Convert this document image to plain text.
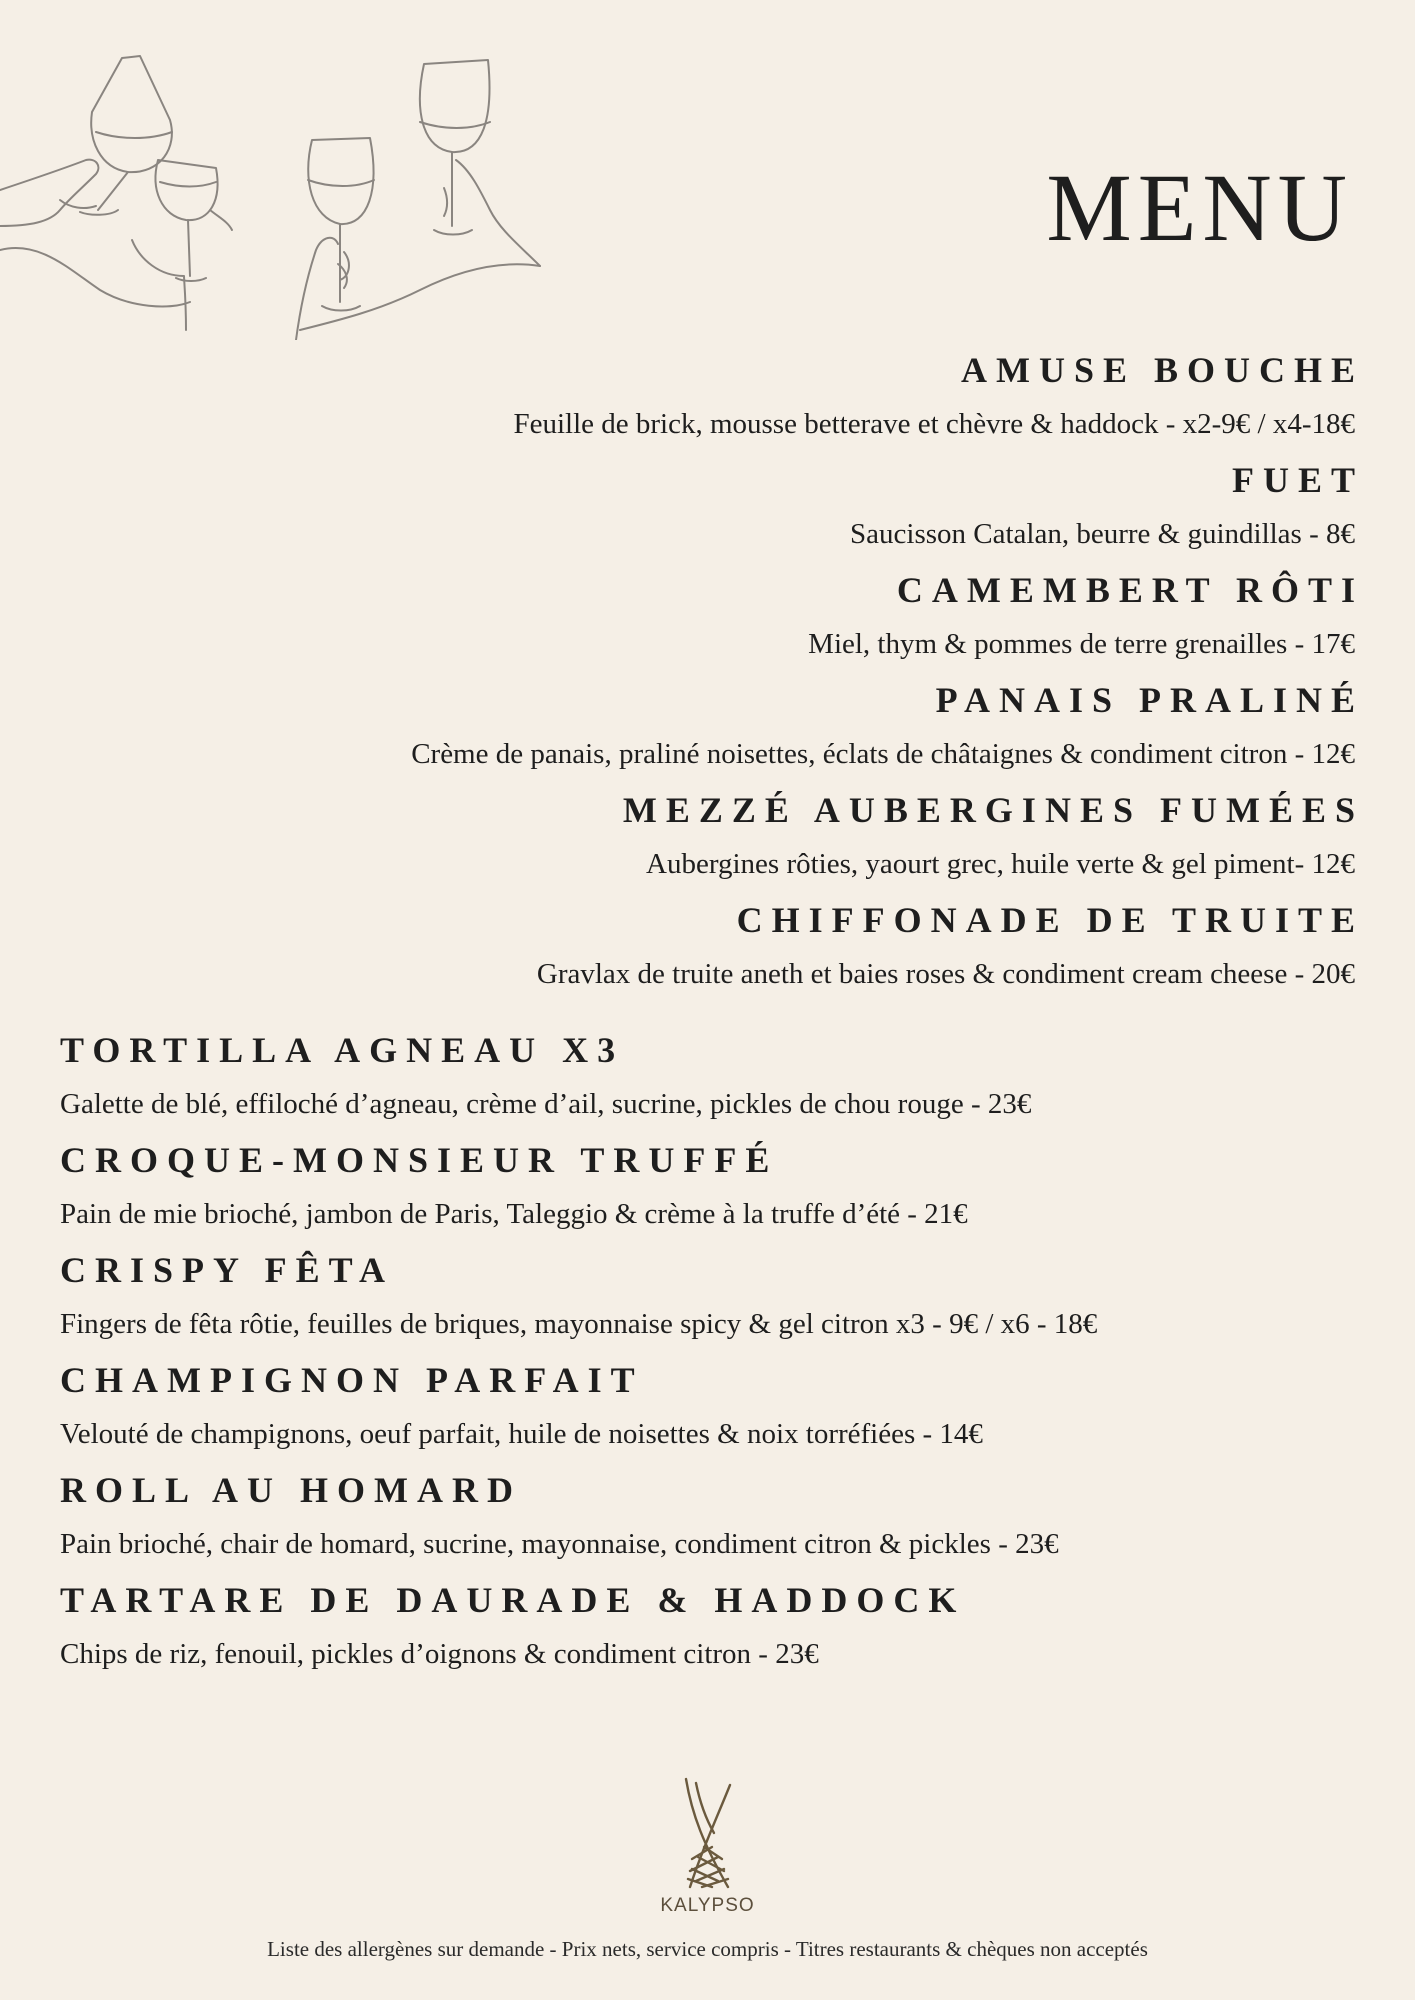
MENU
AMUSE BOUCHE
Feuille de brick, mousse betterave et chèvre & haddock - x2-9€ / x4-18€
FUET
Saucisson Catalan, beurre & guindillas - 8€
CAMEMBERT RÔTI
Miel, thym & pommes de terre grenailles - 17€
PANAIS PRALINÉ
Crème de panais, praliné noisettes, éclats de châtaignes & condiment citron - 12€
MEZZÉ AUBERGINES FUMÉES
Aubergines rôties, yaourt grec, huile verte & gel piment- 12€
CHIFFONADE DE TRUITE
Gravlax de truite aneth et baies roses & condiment cream cheese - 20€
TORTILLA AGNEAU X3
Galette de blé, effiloché d’agneau, crème d’ail, sucrine, pickles de chou rouge - 23€
CROQUE-MONSIEUR TRUFFÉ
Pain de mie brioché, jambon de Paris, Taleggio & crème à la truffe d’été - 21€
CRISPY FÊTA
Fingers de fêta rôtie, feuilles de briques, mayonnaise spicy & gel citron x3 - 9€ / x6 - 18€
CHAMPIGNON PARFAIT
Velouté de champignons, oeuf parfait, huile de noisettes & noix torréfiées - 14€
ROLL AU HOMARD
Pain brioché, chair de homard, sucrine, mayonnaise, condiment citron & pickles - 23€
TARTARE DE DAURADE & HADDOCK
Chips de riz, fenouil, pickles d’oignons & condiment citron - 23€
KALYPSO
Liste des allergènes sur demande - Prix nets, service compris - Titres restaurants & chèques non acceptés
